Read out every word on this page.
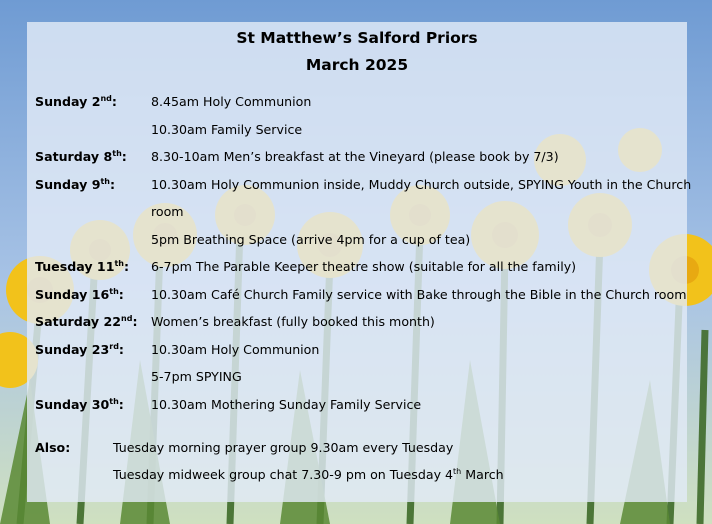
St Matthew’s Salford Priors
March 2025
Sunday 2nd:	8.45am Holy Communion
10.30am Family Service
Saturday 8th:	8.30-10am Men’s breakfast at the Vineyard (please book by 7/3)
Sunday 9th:	10.30am Holy Communion inside, Muddy Church outside, SPYING Youth in the Church
room
5pm Breathing Space (arrive 4pm for a cup of tea)
Tuesday 11th:	6-7pm The Parable Keeper theatre show (suitable for all the family)
Sunday 16th:	10.30am Café Church Family service with Bake through the Bible in the Church room
Saturday 22nd:	Women’s breakfast (fully booked this month)
Sunday 23rd:	10.30am Holy Communion
5-7pm SPYING
Sunday 30th:	10.30am Mothering Sunday Family Service
Also:	Tuesday morning prayer group 9.30am every Tuesday
Tuesday midweek group chat 7.30-9 pm on Tuesday 4th March
